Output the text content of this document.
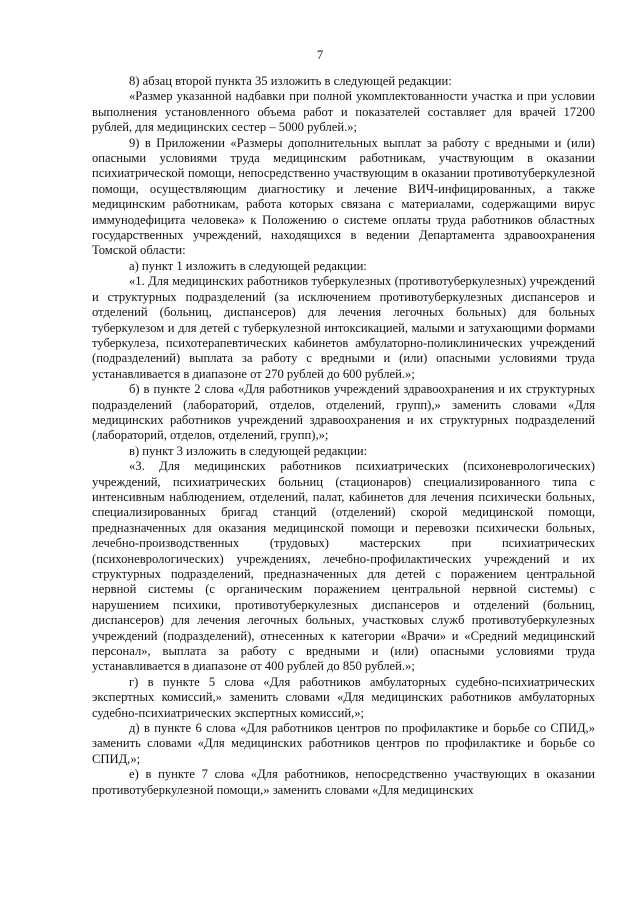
7

8) абзац второй пункта 35 изложить в следующей редакции:

«Размер указанной надбавки при полной укомплектованности участка и при условии выполнения установленного объема работ и показателей составляет для врачей 17200 рублей, для медицинских сестер – 5000 рублей.»;

9) в Приложении «Размеры дополнительных выплат за работу с вредными и (или) опасными условиями труда медицинским работникам, участвующим в оказании психиатрической помощи, непосредственно участвующим в оказании противотуберкулезной помощи, осуществляющим диагностику и лечение ВИЧ-инфицированных, а также медицинским работникам, работа которых связана с материалами, содержащими вирус иммунодефицита человека» к Положению о системе оплаты труда работников областных государственных учреждений, находящихся в ведении Департамента здравоохранения Томской области:

а) пункт 1 изложить в следующей редакции:

«1. Для медицинских работников туберкулезных (противотуберкулезных) учреждений и структурных подразделений (за исключением противотуберкулезных диспансеров и отделений (больниц, диспансеров) для лечения легочных больных) для больных туберкулезом и для детей с туберкулезной интоксикацией, малыми и затухающими формами туберкулеза, психотерапевтических кабинетов амбулаторно-поликлинических учреждений (подразделений) выплата за работу с вредными и (или) опасными условиями труда устанавливается в диапазоне от 270 рублей до 600 рублей.»;

б) в пункте 2 слова «Для работников учреждений здравоохранения и их структурных подразделений (лабораторий, отделов, отделений, групп),» заменить словами «Для медицинских работников учреждений здравоохранения и их структурных подразделений (лабораторий, отделов, отделений, групп),»;

в) пункт 3 изложить в следующей редакции:

«3. Для медицинских работников психиатрических (психоневрологических) учреждений, психиатрических больниц (стационаров) специализированного типа с интенсивным наблюдением, отделений, палат, кабинетов для лечения психически больных, специализированных бригад станций (отделений) скорой медицинской помощи, предназначенных для оказания медицинской помощи и перевозки психически больных, лечебно-производственных (трудовых) мастерских при психиатрических (психоневрологических) учреждениях, лечебно-профилактических учреждений и их структурных подразделений, предназначенных для детей с поражением центральной нервной системы (с органическим поражением центральной нервной системы) с нарушением психики, противотуберкулезных диспансеров и отделений (больниц, диспансеров) для лечения легочных больных, участковых служб противотуберкулезных учреждений (подразделений), отнесенных к категории «Врачи» и «Средний медицинский персонал», выплата за работу с вредными и (или) опасными условиями труда устанавливается в диапазоне от 400 рублей до 850 рублей.»;

г) в пункте 5 слова «Для работников амбулаторных судебно-психиатрических экспертных комиссий,» заменить словами «Для медицинских работников амбулаторных судебно-психиатрических экспертных комиссий,»;

д) в пункте 6 слова «Для работников центров по профилактике и борьбе со СПИД,» заменить словами «Для медицинских работников центров по профилактике и борьбе со СПИД,»;

е) в пункте 7 слова «Для работников, непосредственно участвующих в оказании противотуберкулезной помощи,» заменить словами «Для медицинских
